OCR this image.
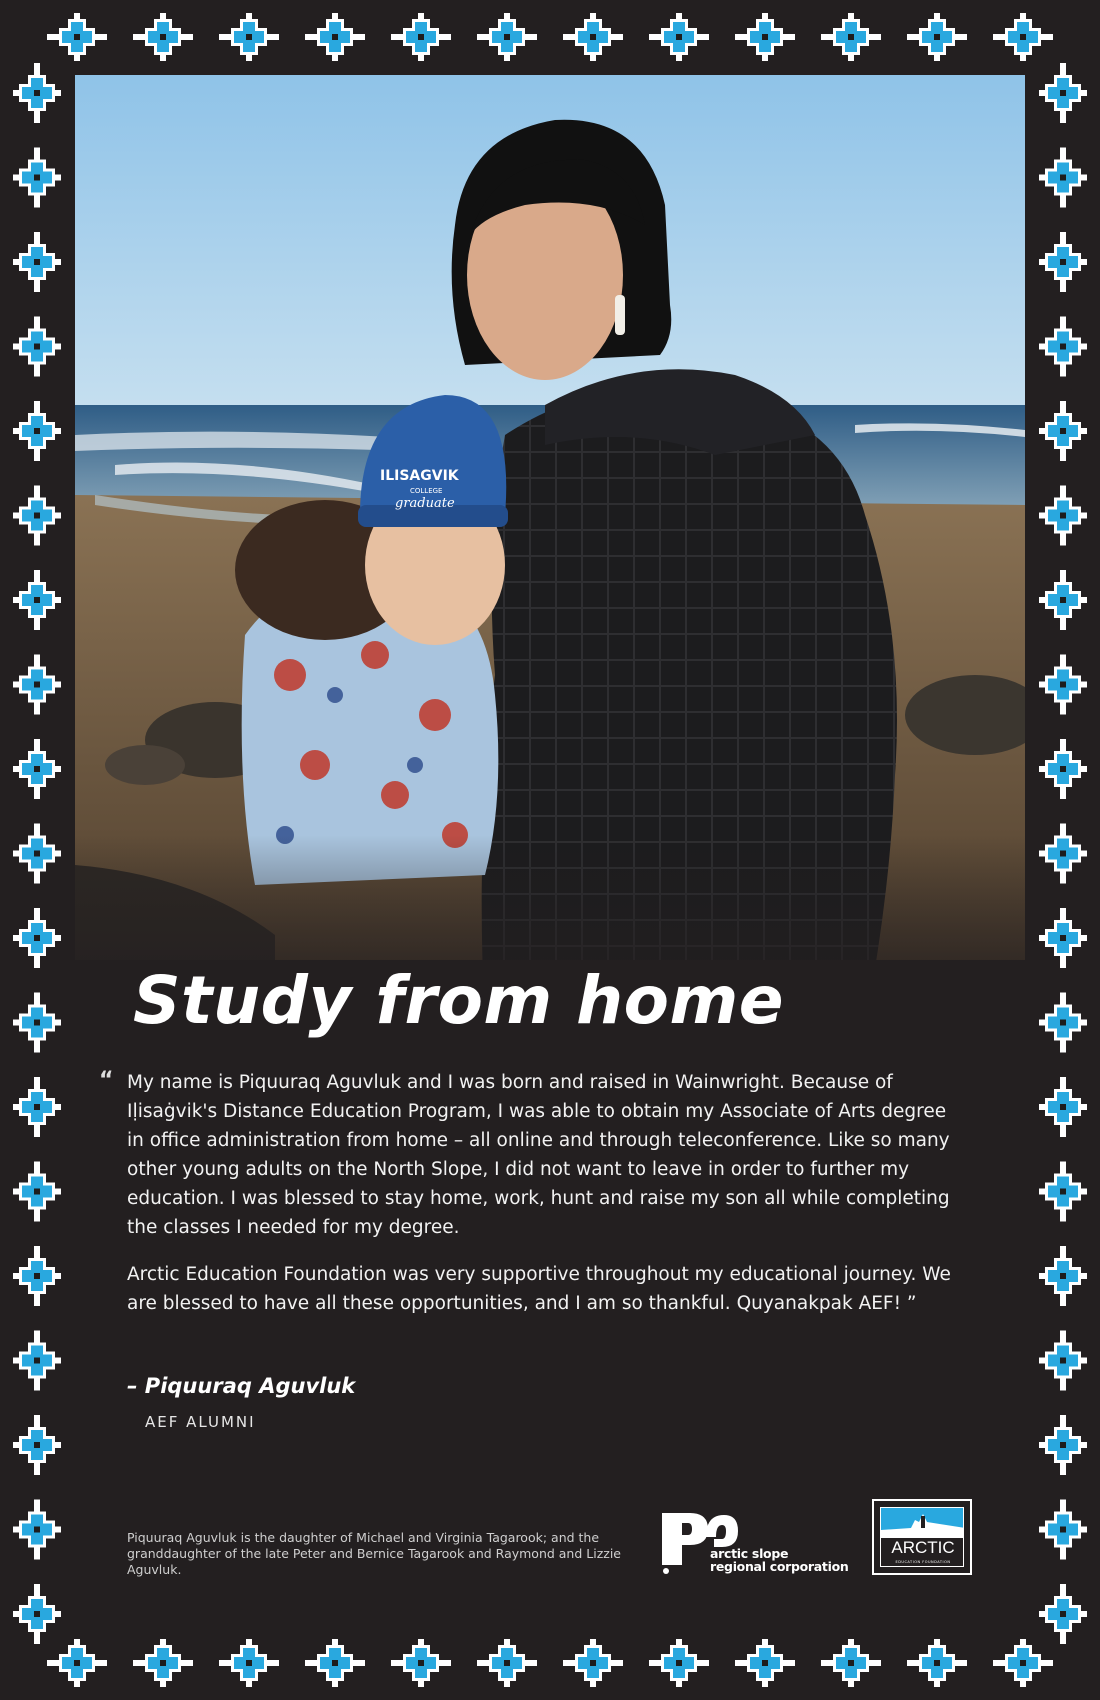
ILISAGVIK
COLLEGE
graduate
Study from home
“ My name is Piquuraq Aguvluk and I was born and raised in Wainwright. Because of Iḷisaġvik's Distance Education Program, I was able to obtain my Associate of Arts degree in office administration from home – all online and through teleconference. Like so many other young adults on the North Slope, I did not want to leave in order to further my education. I was blessed to stay home, work, hunt and raise my son all while completing the classes I needed for my degree.

Arctic Education Foundation was very supportive throughout my educational journey. We are blessed to have all these opportunities, and I am so thankful. Quyanakpak AEF! ”

– Piquuraq Aguvluk
AEF ALUMNI
Piquuraq Aguvluk is the daughter of Michael and Virginia Tagarook; and the granddaughter of the late Peter and Bernice Tagarook and Raymond and Lizzie Aguvluk.
arctic slope
regional corporation
ARCTIC
EDUCATION FOUNDATION
